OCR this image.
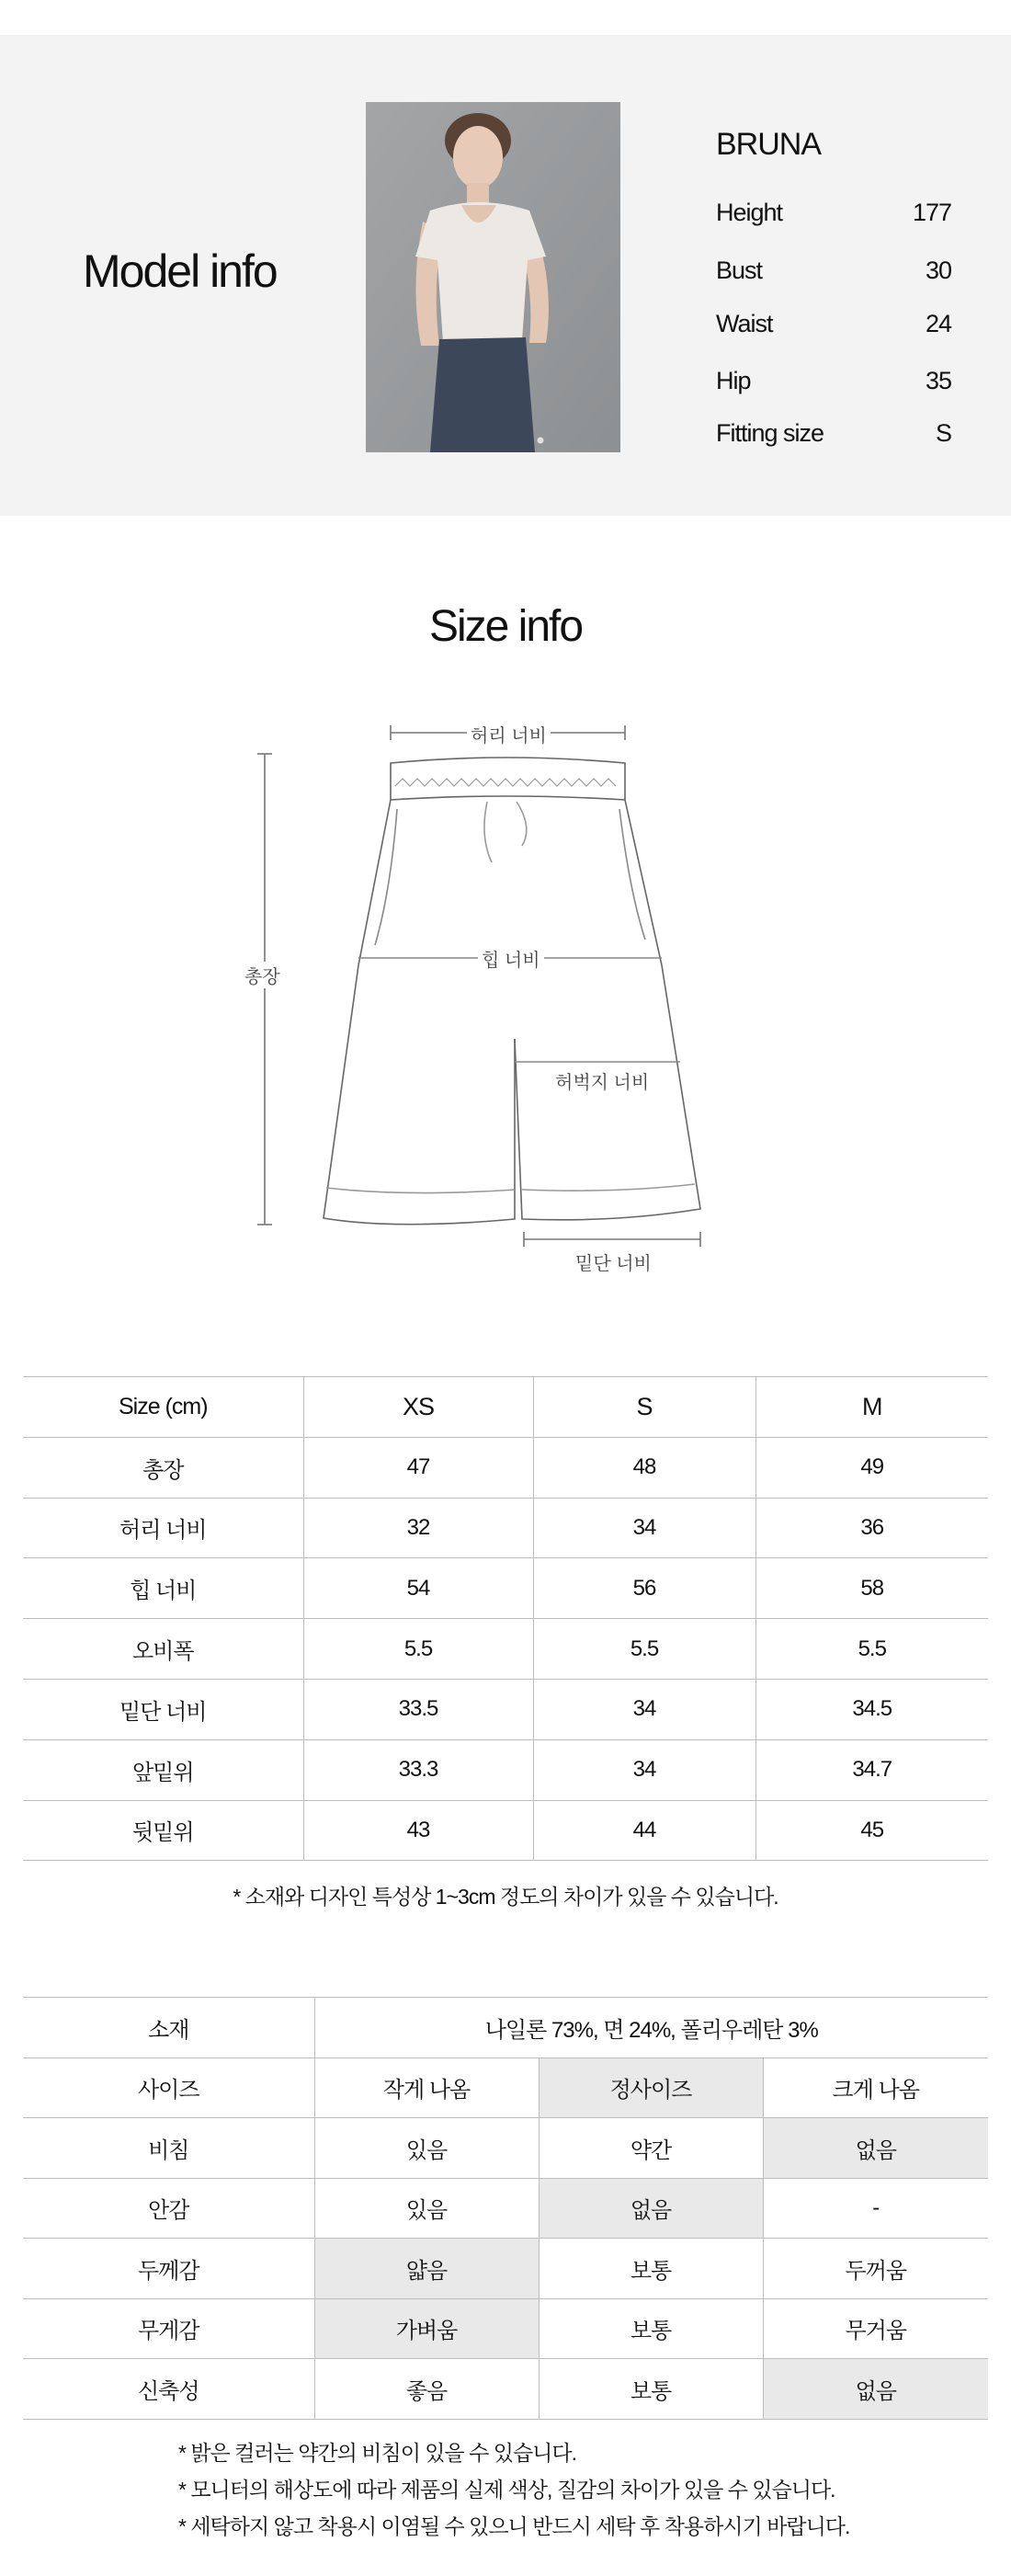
Model info
BRUNA
Height	177
Bust	30
Waist	24
Hip	35
Fitting size	S
Size info
허리 너비
총장
힙 너비
허벅지 너비
밑단 너비
Size (cm)	XS	S	M
총장	47	48	49
허리 너비	32	34	36
힙 너비	54	56	58
오비폭	5.5	5.5	5.5
밑단 너비	33.5	34	34.5
앞밑위	33.3	34	34.7
뒷밑위	43	44	45
* 소재와 디자인 특성상 1~3cm 정도의 차이가 있을 수 있습니다.
소재	나일론 73%, 면 24%, 폴리우레탄 3%		
사이즈	작게 나옴	정사이즈	크게 나옴
비침	있음	약간	없음
안감	있음	없음	-
두께감	얇음	보통	두꺼움
무게감	가벼움	보통	무거움
신축성	좋음	보통	없음
* 밝은 컬러는 약간의 비침이 있을 수 있습니다.
* 모니터의 해상도에 따라 제품의 실제 색상, 질감의 차이가 있을 수 있습니다.
* 세탁하지 않고 착용시 이염될 수 있으니 반드시 세탁 후 착용하시기 바랍니다.
